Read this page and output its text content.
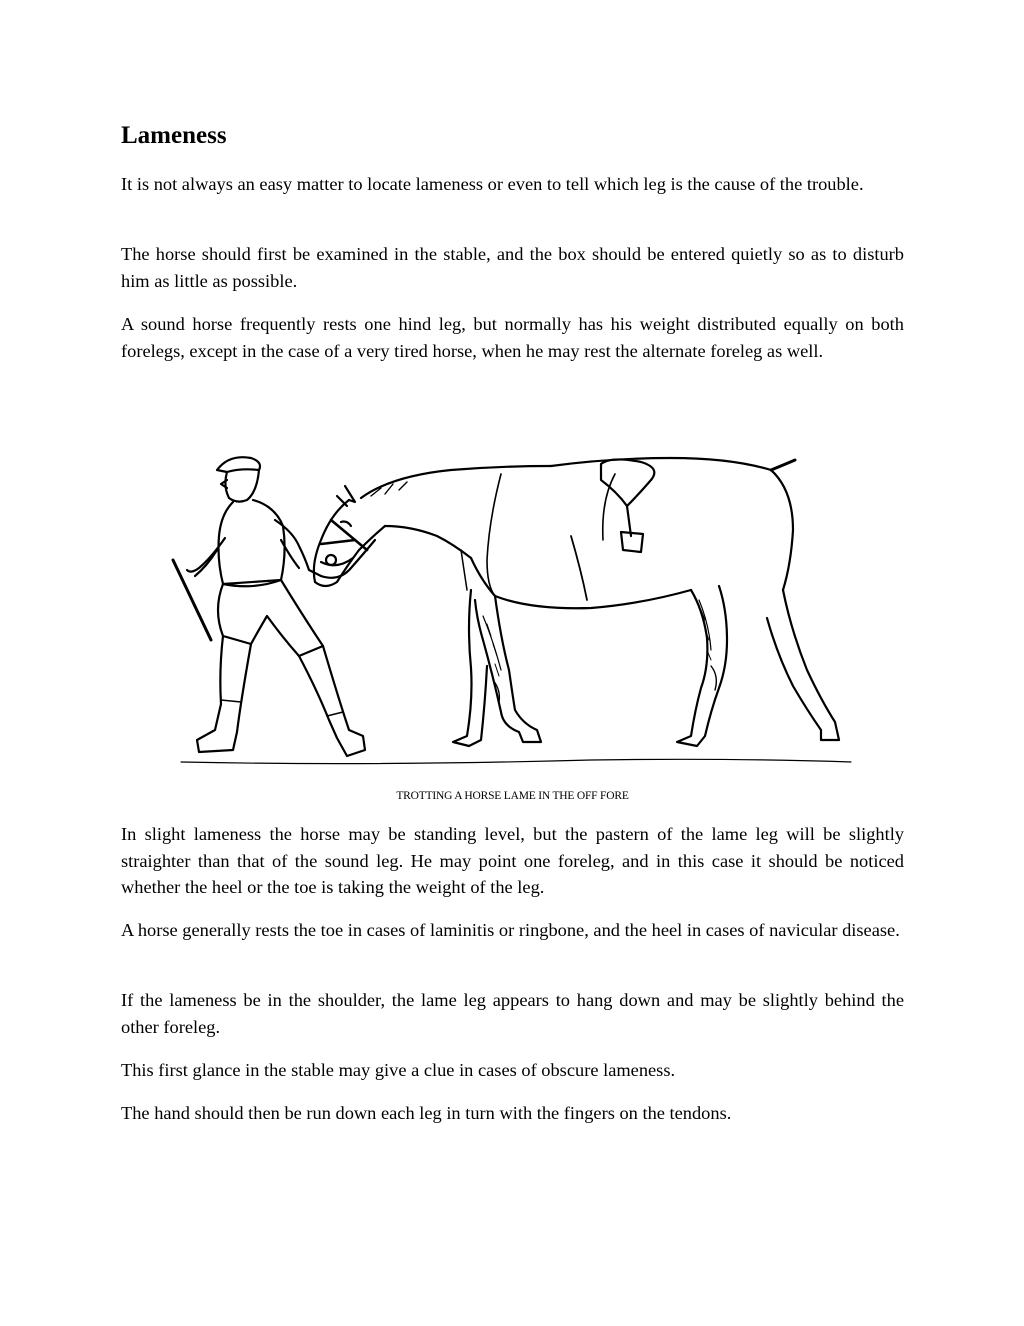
Lameness

It is not always an easy matter to locate lameness or even to tell which leg is the cause of the trouble.

The horse should first be examined in the stable, and the box should be entered quietly so as to disturb him as little as possible.

A sound horse frequently rests one hind leg, but normally has his weight distributed equally on both forelegs, except in the case of a very tired horse, when he may rest the alternate foreleg as well.

TROTTING A HORSE LAME IN THE OFF FORE

In slight lameness the horse may be standing level, but the pastern of the lame leg will be slightly straighter than that of the sound leg. He may point one foreleg, and in this case it should be noticed whether the heel or the toe is taking the weight of the leg.

A horse generally rests the toe in cases of laminitis or ringbone, and the heel in cases of navicular disease.

If the lameness be in the shoulder, the lame leg appears to hang down and may be slightly behind the other foreleg.

This first glance in the stable may give a clue in cases of obscure lameness.

The hand should then be run down each leg in turn with the fingers on the tendons.
